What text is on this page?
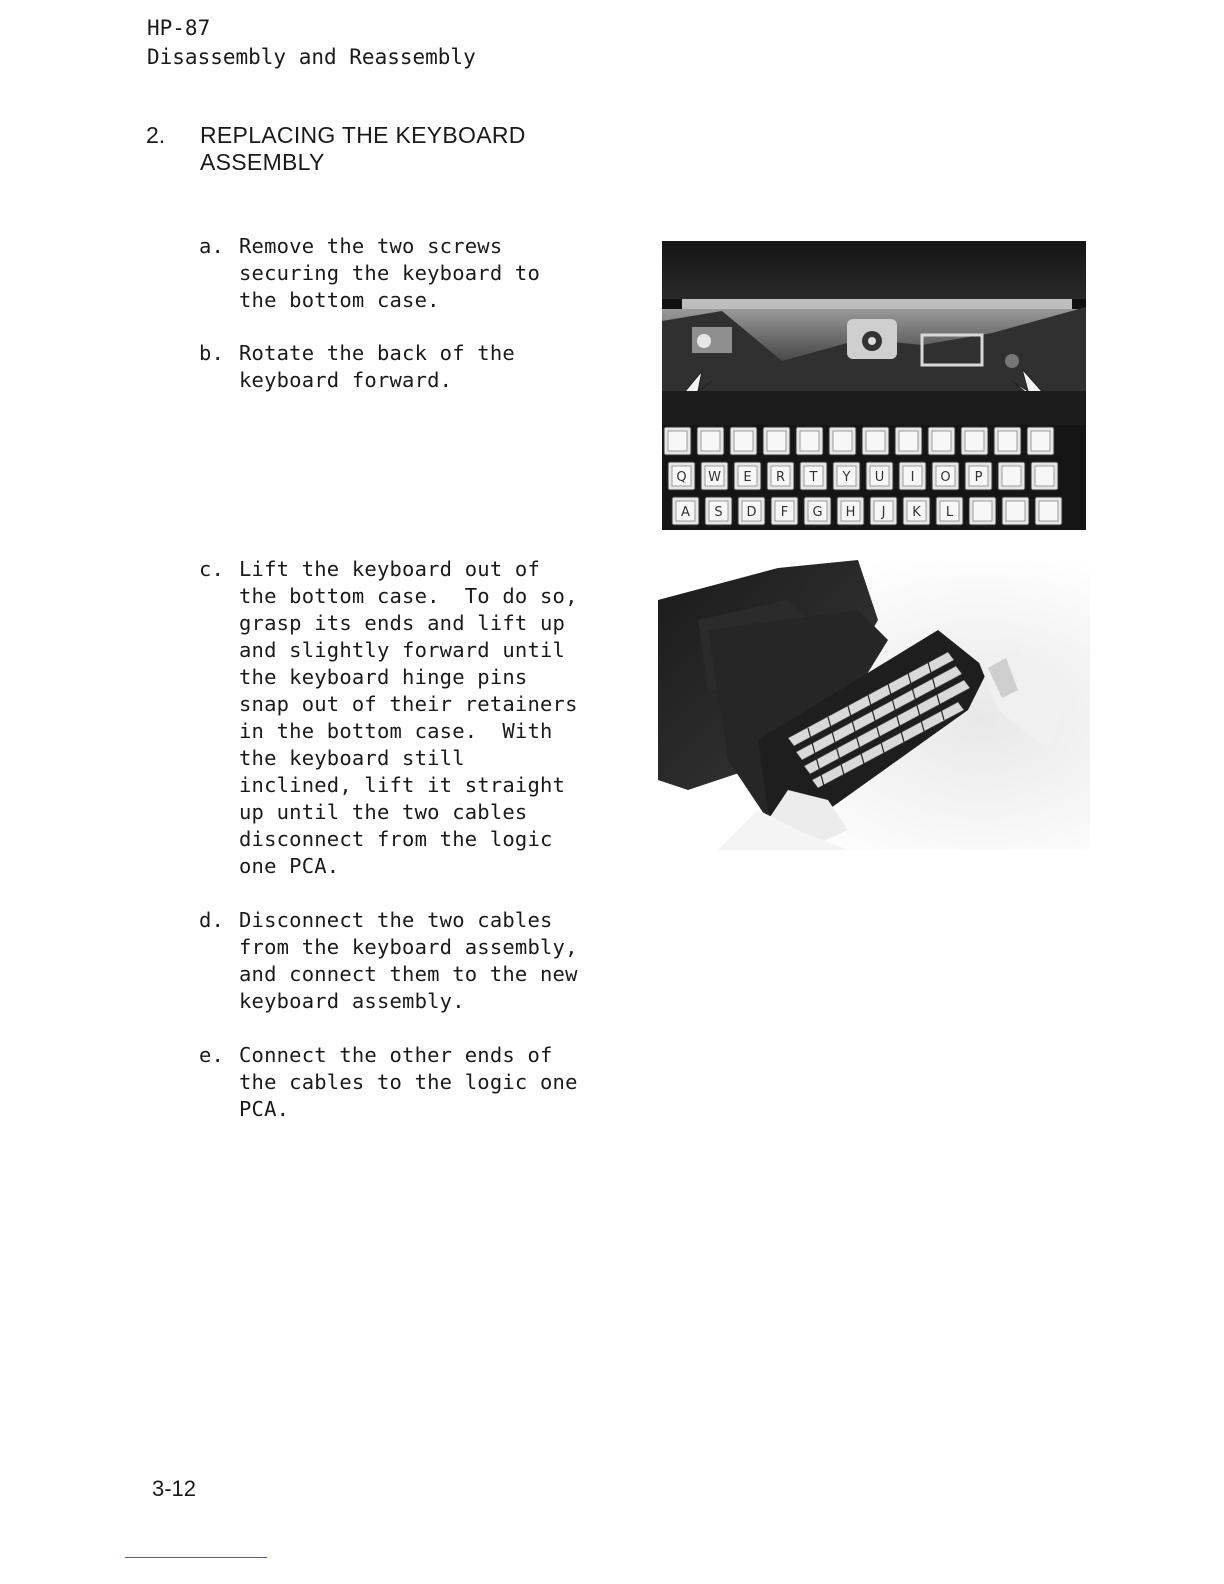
HP-87
Disassembly and Reassembly
2.	REPLACING THE KEYBOARD
ASSEMBLY
a. Remove the two screws
securing the keyboard to
the bottom case.
b. Rotate the back of the
keyboard forward.
c. Lift the keyboard out of
the bottom case.  To do so,
grasp its ends and lift up
and slightly forward until
the keyboard hinge pins
snap out of their retainers
in the bottom case.  With
the keyboard still
inclined, lift it straight
up until the two cables
disconnect from the logic
one PCA.
d. Disconnect the two cables
from the keyboard assembly,
and connect them to the new
keyboard assembly.
e. Connect the other ends of
the cables to the logic one
PCA.
Q W E R T Y U I O P
A S D F G H J K L
3-12
